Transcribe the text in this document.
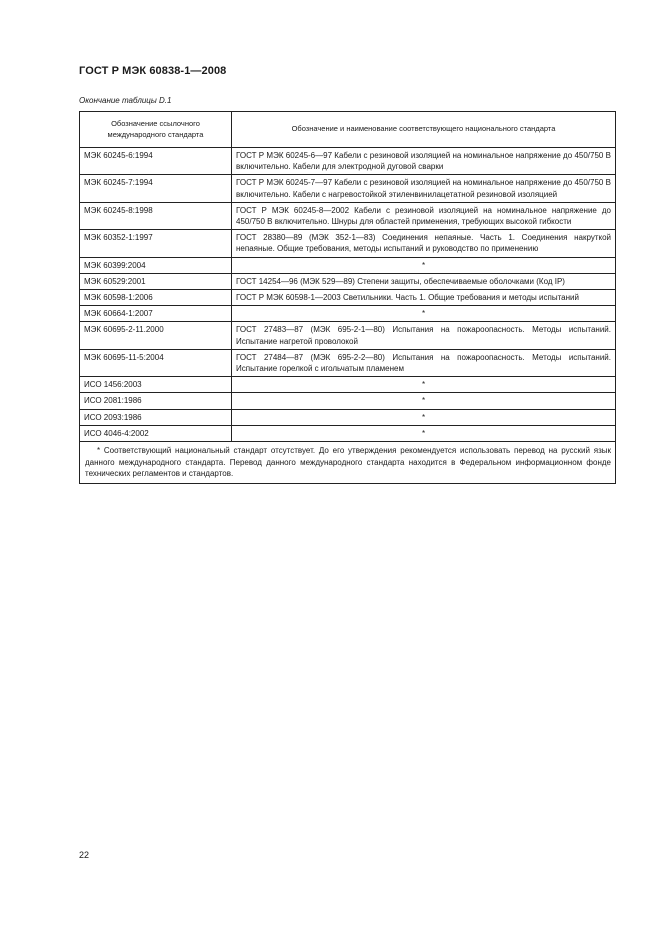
ГОСТ Р МЭК 60838-1—2008
Окончание таблицы D.1
Обозначение ссылочного международного стандарта	Обозначение и наименование соответствующего национального стандарта
МЭК 60245-6:1994	ГОСТ Р МЭК 60245-6—97 Кабели с резиновой изоляцией на номинальное напряжение до 450/750 В включительно. Кабели для электродной дуговой сварки
МЭК 60245-7:1994	ГОСТ Р МЭК 60245-7—97 Кабели с резиновой изоляцией на номинальное напряжение до 450/750 В включительно. Кабели с нагревостойкой этиленвинилацетатной резиновой изоляцией
МЭК 60245-8:1998	ГОСТ Р МЭК 60245-8—2002 Кабели с резиновой изоляцией на номинальное напряжение до 450/750 В включительно. Шнуры для областей применения, требующих высокой гибкости
МЭК 60352-1:1997	ГОСТ 28380—89 (МЭК 352-1—83) Соединения непаяные. Часть 1. Соединения накруткой непаяные. Общие требования, методы испытаний и руководство по применению
МЭК 60399:2004	*
МЭК 60529:2001	ГОСТ 14254—96 (МЭК 529—89) Степени защиты, обеспечиваемые оболочками (Код IP)
МЭК 60598-1:2006	ГОСТ Р МЭК 60598-1—2003 Светильники. Часть 1. Общие требования и методы испытаний
МЭК 60664-1:2007	*
МЭК 60695-2-11.2000	ГОСТ 27483—87 (МЭК 695-2-1—80) Испытания на пожароопасность. Методы испытаний. Испытание нагретой проволокой
МЭК 60695-11-5:2004	ГОСТ 27484—87 (МЭК 695-2-2—80) Испытания на пожароопасность. Методы испытаний. Испытание горелкой с игольчатым пламенем
ИСО 1456:2003	*
ИСО 2081:1986	*
ИСО 2093:1986	*
ИСО 4046-4:2002	*
* Соответствующий национальный стандарт отсутствует. До его утверждения рекомендуется использовать перевод на русский язык данного международного стандарта. Перевод данного международного стандарта находится в Федеральном информационном фонде технических регламентов и стандартов.	
22
